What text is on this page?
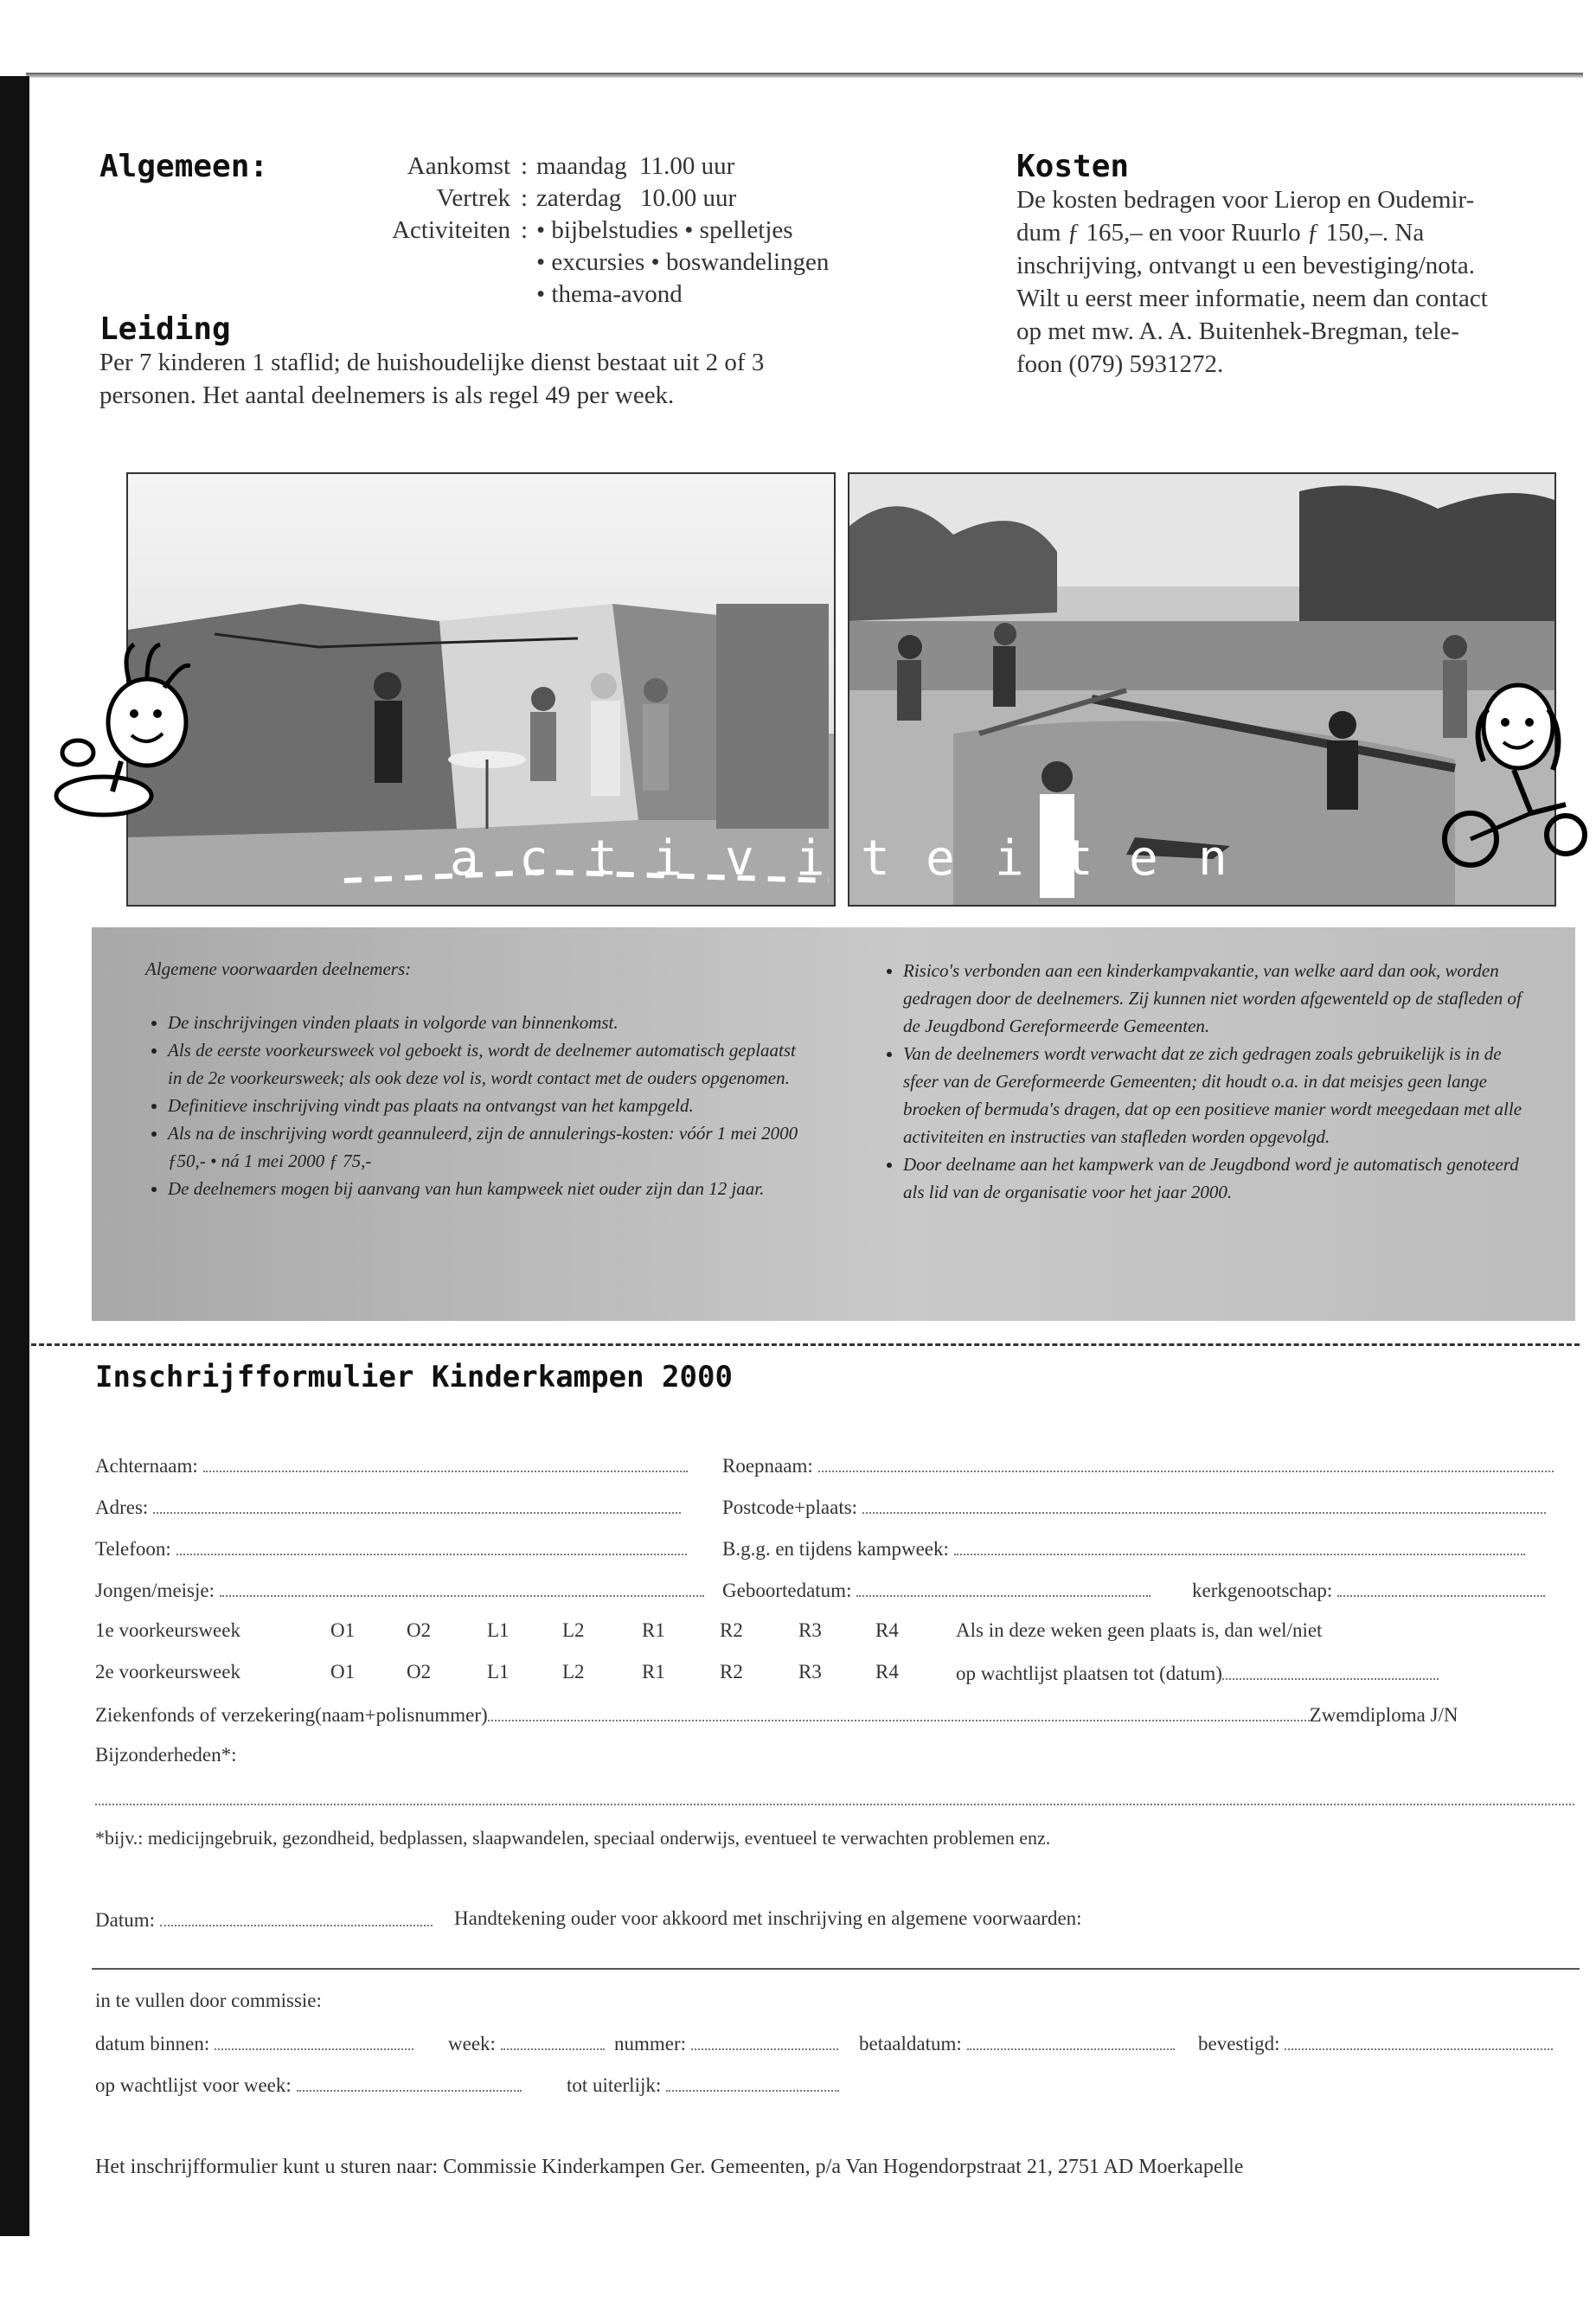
Algemeen:	Aankomst : maandag  11.00 uur
Vertrek : zaterdag   10.00 uur
Activiteiten : • bijbelstudies • spelletjes
• excursies • boswandelingen
• thema-avond
Leiding
Per 7 kinderen 1 staflid; de huishoudelijke dienst bestaat uit 2 of 3
personen. Het aantal deelnemers is als regel 49 per week.
Kosten
De kosten bedragen voor Lierop en Oudemir-
dum ƒ 165,– en voor Ruurlo ƒ 150,–. Na
inschrijving, ontvangt u een bevestiging/nota.
Wilt u eerst meer informatie, neem dan contact
op met mw. A. A. Buitenhek-Bregman, tele-
foon (079) 5931272.
a c t i v i t e i t e n
Algemene voorwaarden deelnemers:
• De inschrijvingen vinden plaats in volgorde van binnenkomst.
• Als de eerste voorkeursweek vol geboekt is, wordt de deelnemer automatisch geplaatst in de 2e voorkeursweek; als ook deze vol is, wordt contact met de ouders opgenomen.
• Definitieve inschrijving vindt pas plaats na ontvangst van het kampgeld.
• Als na de inschrijving wordt geannuleerd, zijn de annulerings-kosten: vóór 1 mei 2000 ƒ50,- • ná 1 mei 2000 ƒ 75,-
• De deelnemers mogen bij aanvang van hun kampweek niet ouder zijn dan 12 jaar.
• Risico's verbonden aan een kinderkampvakantie, van welke aard dan ook, worden gedragen door de deelnemers. Zij kunnen niet worden afgewenteld op de stafleden of de Jeugdbond Gereformeerde Gemeenten.
• Van de deelnemers wordt verwacht dat ze zich gedragen zoals gebruikelijk is in de sfeer van de Gereformeerde Gemeenten; dit houdt o.a. in dat meisjes geen lange broeken of bermuda's dragen, dat op een positieve manier wordt meegedaan met alle activiteiten en instructies van stafleden worden opgevolgd.
• Door deelname aan het kampwerk van de Jeugdbond word je automatisch genoteerd als lid van de organisatie voor het jaar 2000.
Inschrijfformulier Kinderkampen 2000
Achternaam:	Roepnaam:
Adres:	Postcode+plaats:
Telefoon:	B.g.g. en tijdens kampweek:
Jongen/meisje:	Geboortedatum:	kerkgenootschap:
1e voorkeursweek	O1	O2	L1	L2	R1	R2	R3	R4	Als in deze weken geen plaats is, dan wel/niet
2e voorkeursweek	O1	O2	L1	L2	R1	R2	R3	R4	op wachtlijst plaatsen tot (datum)
Ziekenfonds of verzekering(naam+polisnummer)	Zwemdiploma J/N
Bijzonderheden*:
*bijv.: medicijngebruik, gezondheid, bedplassen, slaapwandelen, speciaal onderwijs, eventueel te verwachten problemen enz.
Datum:	Handtekening ouder voor akkoord met inschrijving en algemene voorwaarden:
in te vullen door commissie:
datum binnen:	week:	nummer:	betaaldatum:	bevestigd:
op wachtlijst voor week:	tot uiterlijk:
Het inschrijfformulier kunt u sturen naar: Commissie Kinderkampen Ger. Gemeenten, p/a Van Hogendorpstraat 21, 2751 AD Moerkapelle
